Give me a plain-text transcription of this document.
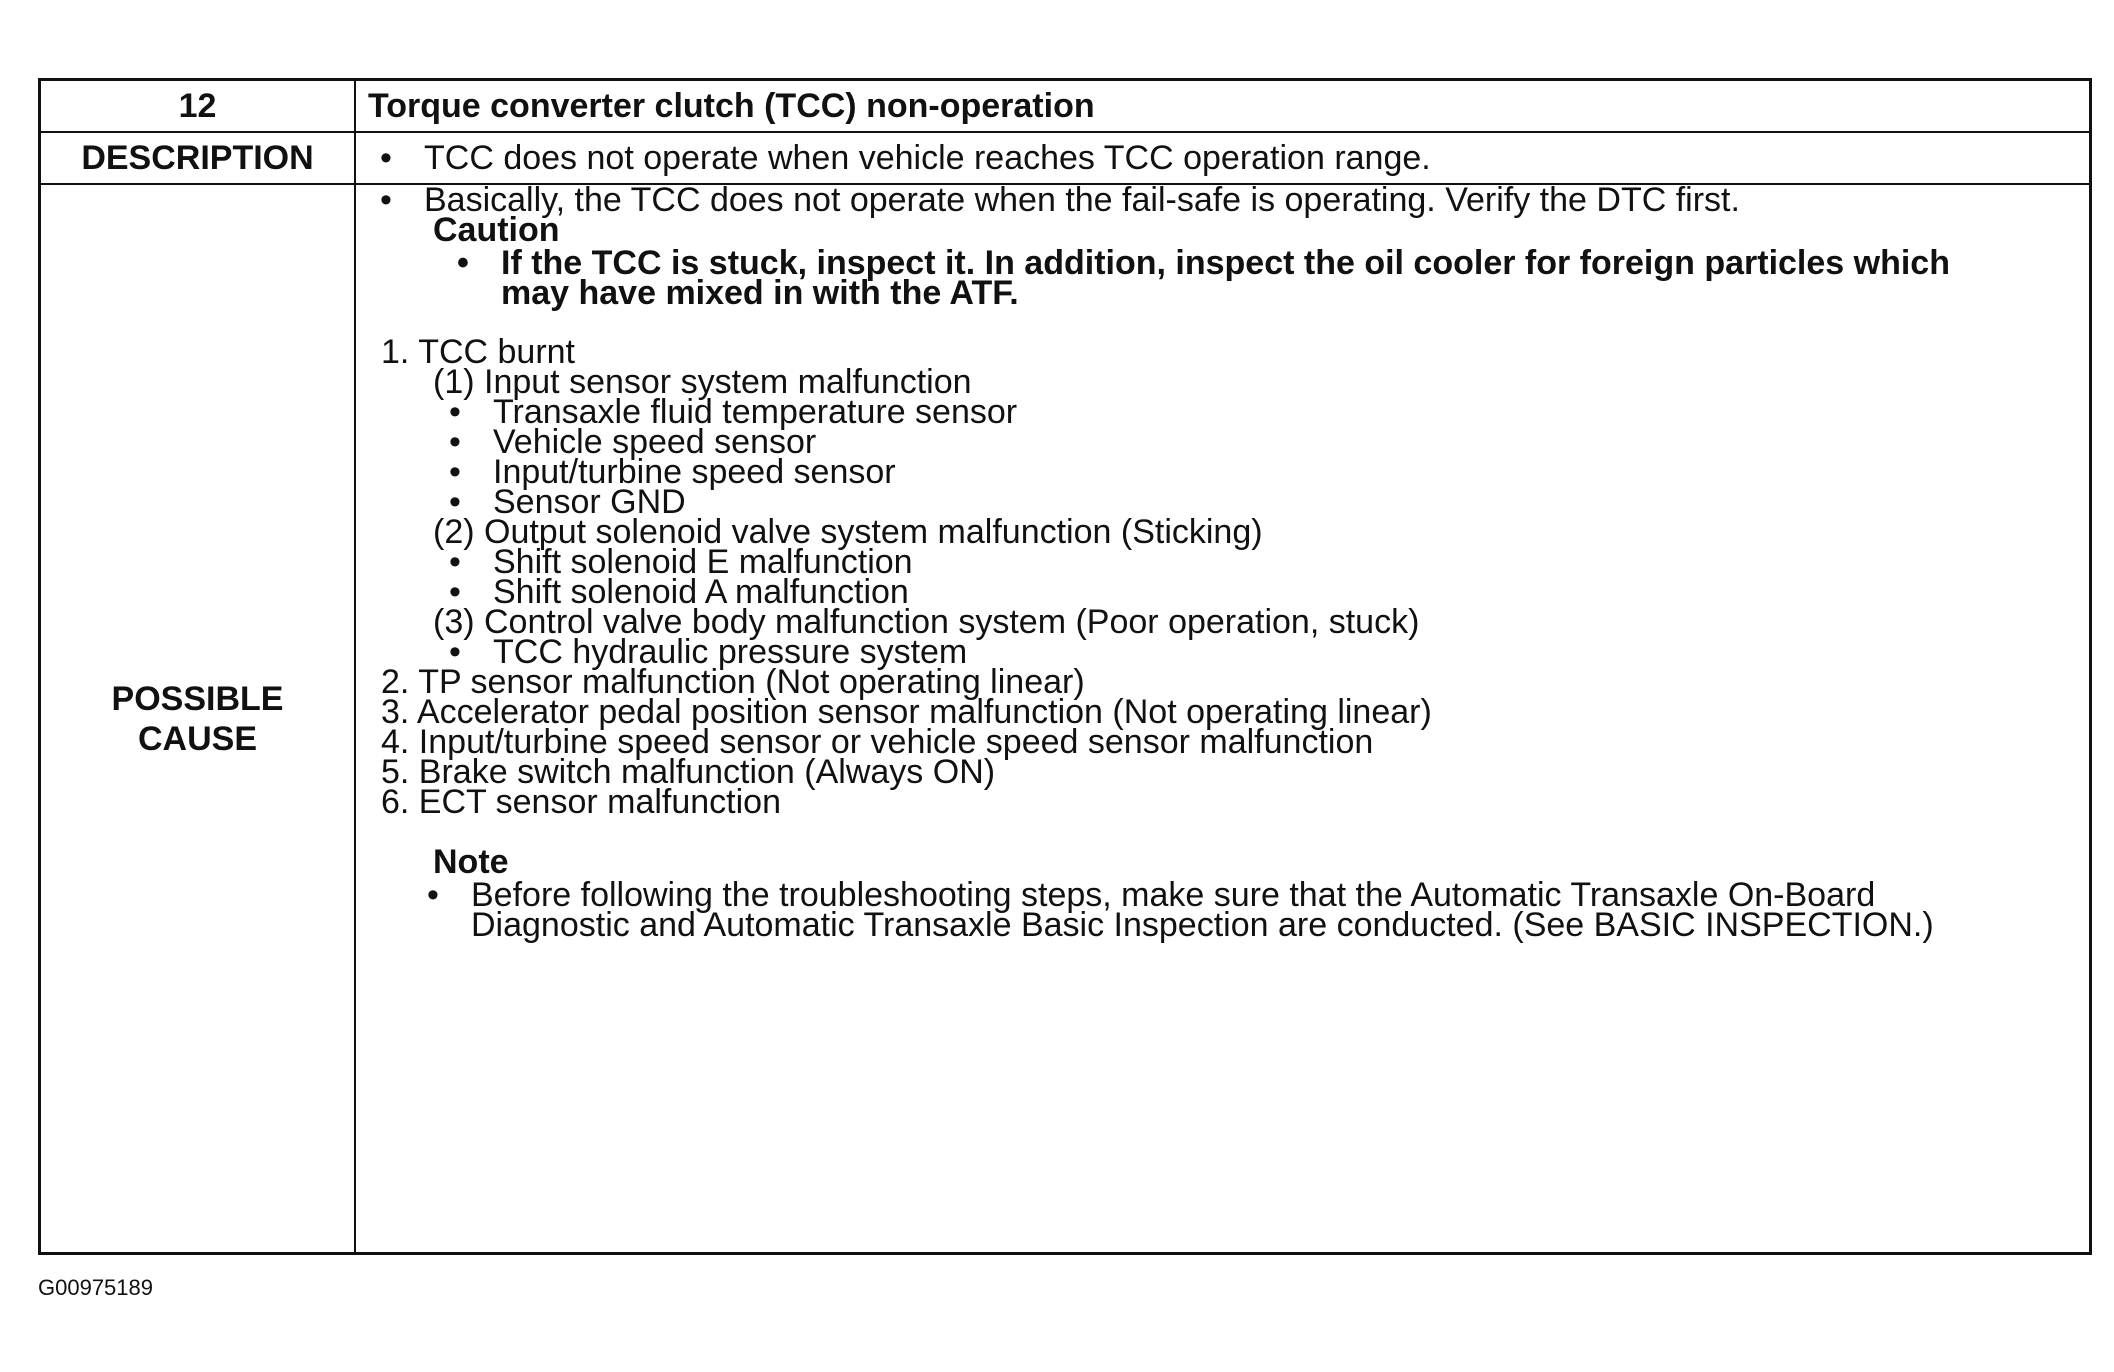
12	Torque converter clutch (TCC) non-operation
DESCRIPTION
•	TCC does not operate when vehicle reaches TCC operation range.
POSSIBLE
CAUSE
• Basically, the TCC does not operate when the fail-safe is operating. Verify the DTC first.
Caution
• If the TCC is stuck, inspect it. In addition, inspect the oil cooler for foreign particles which
may have mixed in with the ATF.
1. TCC burnt
(1) Input sensor system malfunction
• Transaxle fluid temperature sensor
• Vehicle speed sensor
• Input/turbine speed sensor
• Sensor GND
(2) Output solenoid valve system malfunction (Sticking)
• Shift solenoid E malfunction
• Shift solenoid A malfunction
(3) Control valve body malfunction system (Poor operation, stuck)
• TCC hydraulic pressure system
2. TP sensor malfunction (Not operating linear)
3. Accelerator pedal position sensor malfunction (Not operating linear)
4. Input/turbine speed sensor or vehicle speed sensor malfunction
5. Brake switch malfunction (Always ON)
6. ECT sensor malfunction
Note
• Before following the troubleshooting steps, make sure that the Automatic Transaxle On-Board
Diagnostic and Automatic Transaxle Basic Inspection are conducted. (See BASIC INSPECTION.)
G00975189
